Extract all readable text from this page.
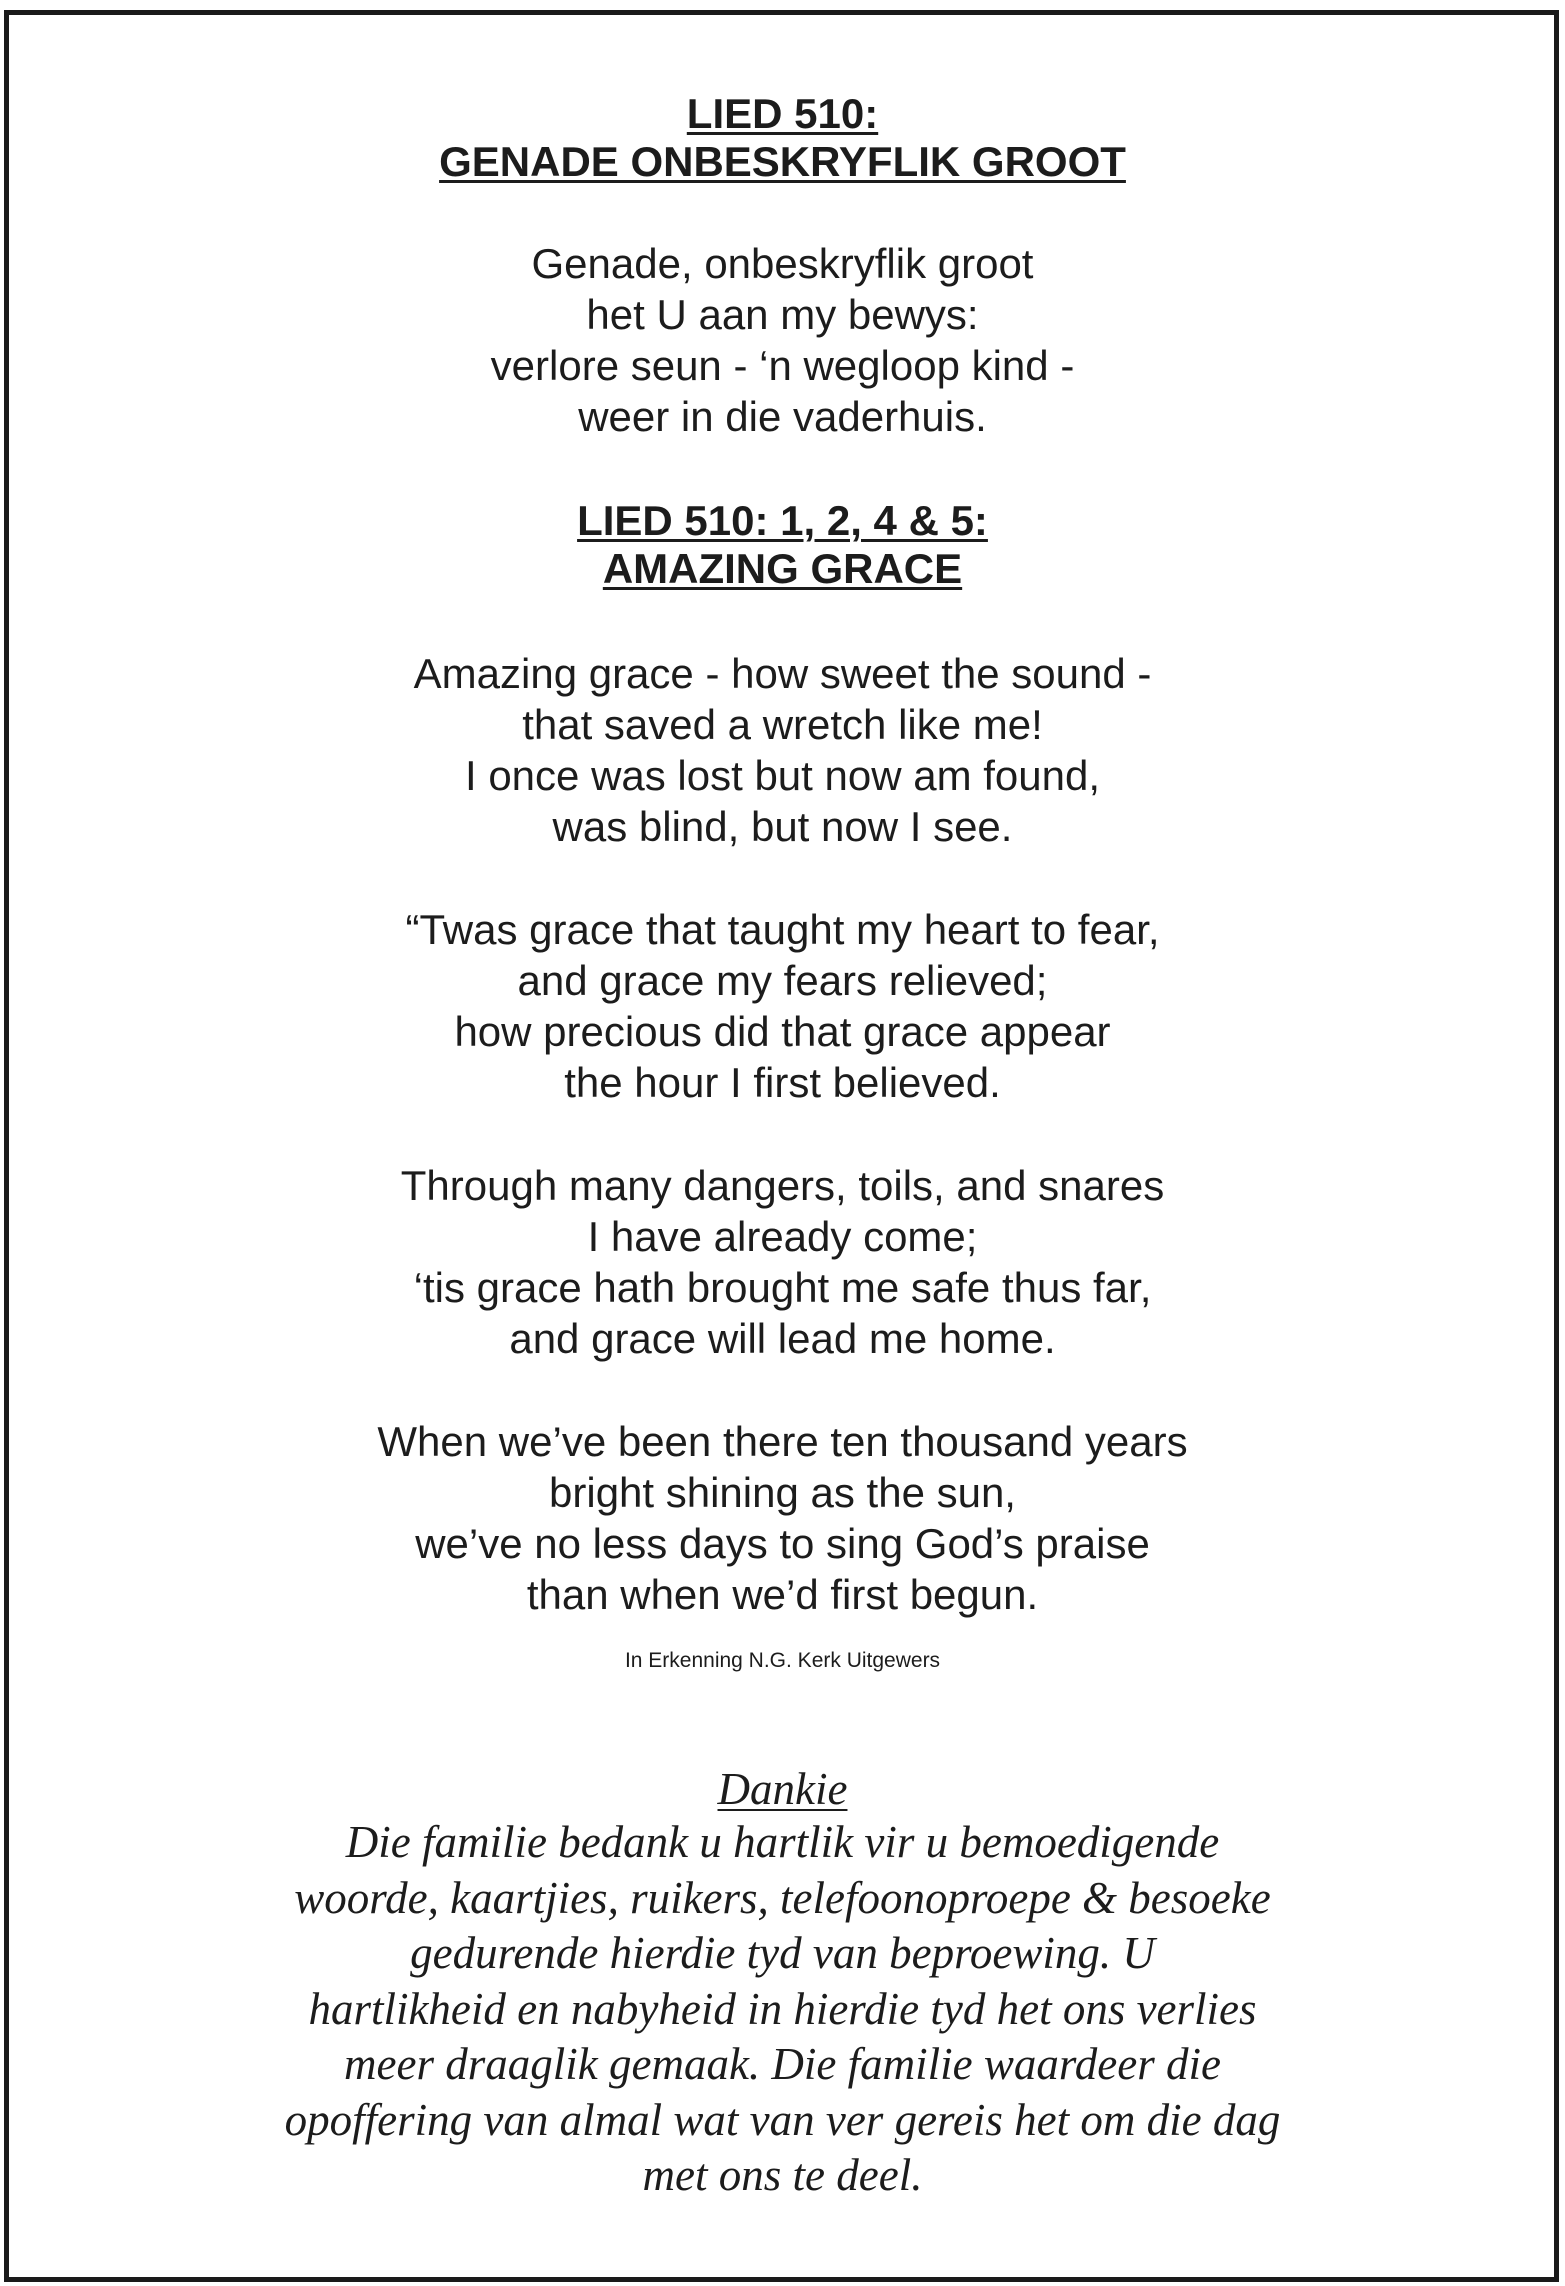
LIED 510:

GENADE ONBESKRYFLIK GROOT

Genade, onbeskryflik groot
het U aan my bewys:
verlore seun - ‘n wegloop kind -
weer in die vaderhuis.

LIED 510: 1, 2, 4 & 5:

AMAZING GRACE

Amazing grace - how sweet the sound -
that saved a wretch like me!
I once was lost but now am found,
was blind, but now I see.
“Twas grace that taught my heart to fear,
and grace my fears relieved;
how precious did that grace appear
the hour I first believed.
Through many dangers, toils, and snares
I have already come;
‘tis grace hath brought me safe thus far,
and grace will lead me home.
When we’ve been there ten thousand years
bright shining as the sun,
we’ve no less days to sing God’s praise
than when we’d first begun.

In Erkenning N.G. Kerk Uitgewers

Dankie

Die familie bedank u hartlik vir u bemoedigende
woorde, kaartjies, ruikers, telefoonoproepe & besoeke
gedurende hierdie tyd van beproewing. U
hartlikheid en nabyheid in hierdie tyd het ons verlies
meer draaglik gemaak. Die familie waardeer die
opoffering van almal wat van ver gereis het om die dag
met ons te deel.
